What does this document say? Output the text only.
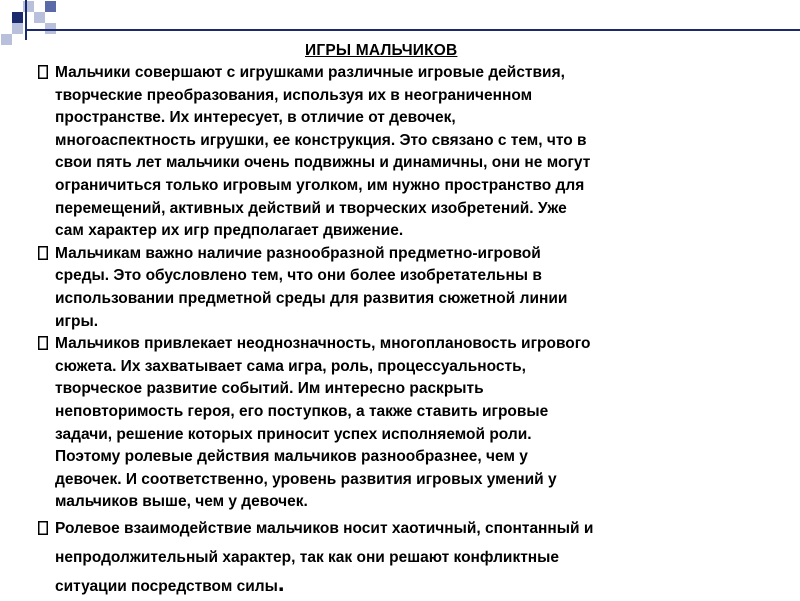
ИГРЫ МАЛЬЧИКОВ

Мальчики совершают с игрушками различные игровые действия,
творческие преобразования, используя их в неограниченном
пространстве. Их интересует, в отличие от девочек,
многоаспектность игрушки, ее конструкция. Это связано с тем, что в
свои пять лет мальчики очень подвижны и динамичны, они не могут
ограничиться только игровым уголком, им нужно пространство для
перемещений, активных действий и творческих изобретений. Уже
сам характер их игр предполагает движение.

Мальчикам важно наличие разнообразной предметно-игровой
среды. Это обусловлено тем, что они более изобретательны в
использовании предметной среды для развития сюжетной линии
игры.

Мальчиков привлекает неоднозначность, многоплановость игрового
сюжета. Их захватывает сама игра, роль, процессуальность,
творческое развитие событий. Им интересно раскрыть
неповторимость героя, его поступков, а также ставить игровые
задачи, решение которых приносит успех исполняемой роли.
Поэтому ролевые действия мальчиков разнообразнее, чем у
девочек. И соответственно, уровень развития игровых умений у
мальчиков выше, чем у девочек.

Ролевое взаимодействие мальчиков носит хаотичный, спонтанный и
непродолжительный характер, так как они решают конфликтные
ситуации посредством силы.
